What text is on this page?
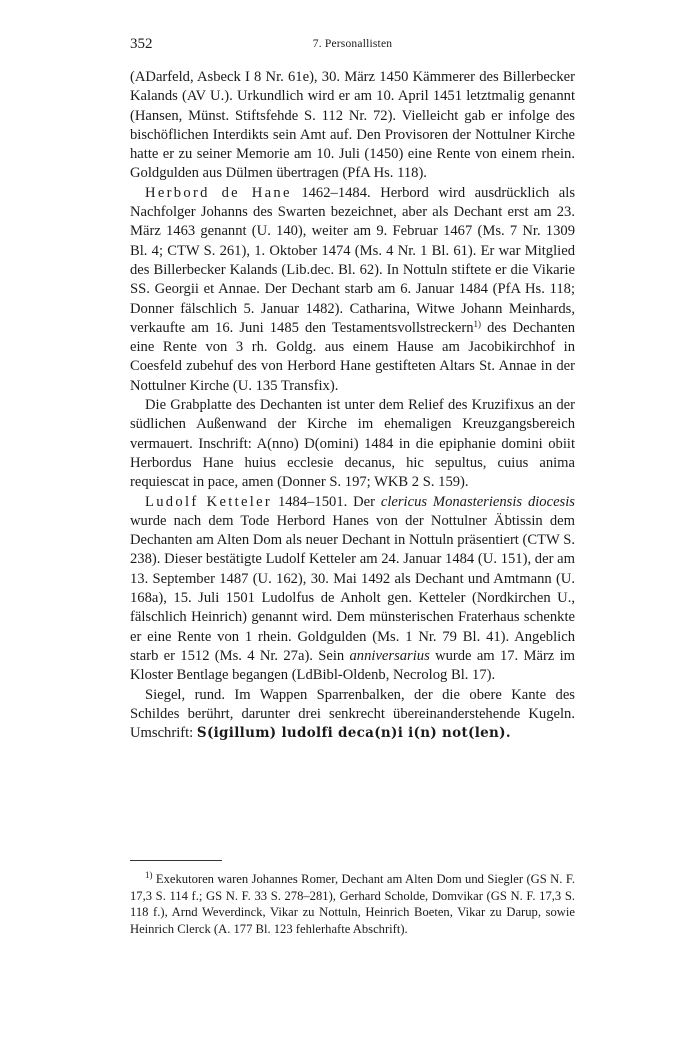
352	7. Personallisten

(ADarfeld, Asbeck I 8 Nr. 61e), 30. März 1450 Kämmerer des Billerbecker Kalands (AV U.). Urkundlich wird er am 10. April 1451 letztmalig genannt (Hansen, Münst. Stiftsfehde S. 112 Nr. 72). Vielleicht gab er infolge des bischöflichen Interdikts sein Amt auf. Den Provisoren der Nottulner Kirche hatte er zu seiner Memorie am 10. Juli (1450) eine Rente von einem rhein. Goldgulden aus Dülmen übertragen (PfA Hs. 118).

Herbord de Hane 1462–1484. Herbord wird ausdrücklich als Nachfolger Johanns des Swarten bezeichnet, aber als Dechant erst am 23. März 1463 genannt (U. 140), weiter am 9. Februar 1467 (Ms. 7 Nr. 1309 Bl. 4; CTW S. 261), 1. Oktober 1474 (Ms. 4 Nr. 1 Bl. 61). Er war Mitglied des Billerbecker Kalands (Lib.dec. Bl. 62). In Nottuln stiftete er die Vikarie SS. Georgii et Annae. Der Dechant starb am 6. Januar 1484 (PfA Hs. 118; Donner fälschlich 5. Januar 1482). Catharina, Witwe Johann Meinhards, verkaufte am 16. Juni 1485 den Testamentsvollstreckern$^{1)}$ des Dechanten eine Rente von 3 rh. Goldg. aus einem Hause am Jacobikirchhof in Coesfeld zubehuf des von Herbord Hane gestifteten Altars St. Annae in der Nottulner Kirche (U. 135 Transfix).

Die Grabplatte des Dechanten ist unter dem Relief des Kruzifixus an der südlichen Außenwand der Kirche im ehemaligen Kreuzgangsbereich vermauert. Inschrift: A(nno) D(omini) 1484 in die epiphanie domini obiit Herbordus Hane huius ecclesie decanus, hic sepultus, cuius anima requiescat in pace, amen (Donner S. 197; WKB 2 S. 159).

Ludolf Ketteler 1484–1501. Der clericus Monasteriensis diocesis wurde nach dem Tode Herbord Hanes von der Nottulner Äbtissin dem Dechanten am Alten Dom als neuer Dechant in Nottuln präsentiert (CTW S. 238). Dieser bestätigte Ludolf Ketteler am 24. Januar 1484 (U. 151), der am 13. September 1487 (U. 162), 30. Mai 1492 als Dechant und Amtmann (U. 168a), 15. Juli 1501 Ludolfus de Anholt gen. Ketteler (Nordkirchen U., fälschlich Heinrich) genannt wird. Dem münsterischen Fraterhaus schenkte er eine Rente von 1 rhein. Goldgulden (Ms. 1 Nr. 79 Bl. 41). Angeblich starb er 1512 (Ms. 4 Nr. 27a). Sein anniversarius wurde am 17. März im Kloster Bentlage begangen (LdBibl-Oldenb, Necrolog Bl. 17).

Siegel, rund. Im Wappen Sparrenbalken, der die obere Kante des Schildes berührt, darunter drei senkrecht übereinanderstehende Kugeln. Umschrift: S(igillum) ludolfi deca(n)i i(n) not(len).

$^{1)}$ Exekutoren waren Johannes Romer, Dechant am Alten Dom und Siegler (GS N. F. 17,3 S. 114 f.; GS N. F. 33 S. 278–281), Gerhard Scholde, Domvikar (GS N. F. 17,3 S. 118 f.), Arnd Weverdinck, Vikar zu Nottuln, Heinrich Boeten, Vikar zu Darup, sowie Heinrich Clerck (A. 177 Bl. 123 fehlerhafte Abschrift).
